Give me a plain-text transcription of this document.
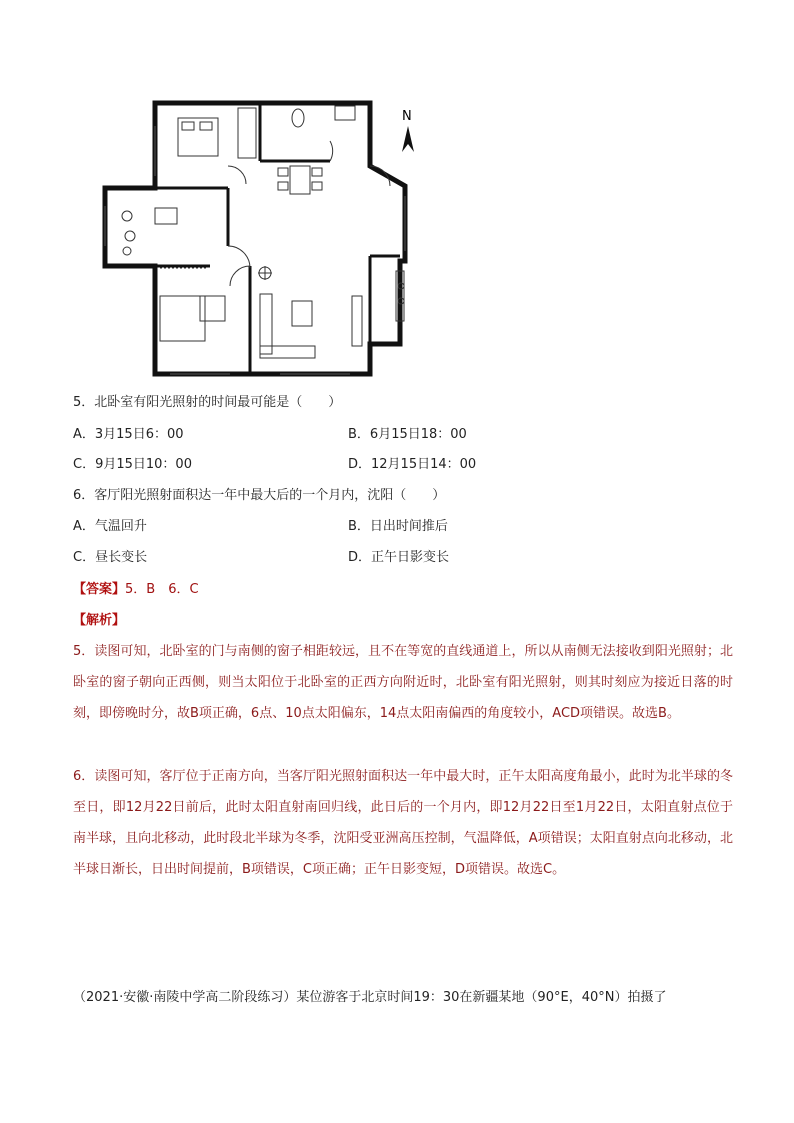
N
5．北卧室有阳光照射的时间最可能是（　　）
A．3月15日6：00	B．6月15日18：00
C．9月15日10：00	D．12月15日14：00
6．客厅阳光照射面积达一年中最大后的一个月内，沈阳（　　）
A．气温回升	B．日出时间推后
C．昼长变长	D．正午日影变长
【答案】5．B　6．C
【解析】
5．读图可知，北卧室的门与南侧的窗子相距较远，且不在等宽的直线通道上，所以从南侧无法接收到阳光照射；北卧室的窗子朝向正西侧，则当太阳位于北卧室的正西方向附近时，北卧室有阳光照射，则其时刻应为接近日落的时刻，即傍晚时分，故B项正确，6点、10点太阳偏东，14点太阳南偏西的角度较小，ACD项错误。故选B。
6．读图可知，客厅位于正南方向，当客厅阳光照射面积达一年中最大时，正午太阳高度角最小，此时为北半球的冬至日，即12月22日前后，此时太阳直射南回归线，此日后的一个月内，即12月22日至1月22日，太阳直射点位于南半球，且向北移动，此时段北半球为冬季，沈阳受亚洲高压控制，气温降低，A项错误；太阳直射点向北移动，北半球日渐长，日出时间提前，B项错误，C项正确；正午日影变短，D项错误。故选C。
（2021·安徽·南陵中学高二阶段练习）某位游客于北京时间19：30在新疆某地（90°E，40°N）拍摄了
